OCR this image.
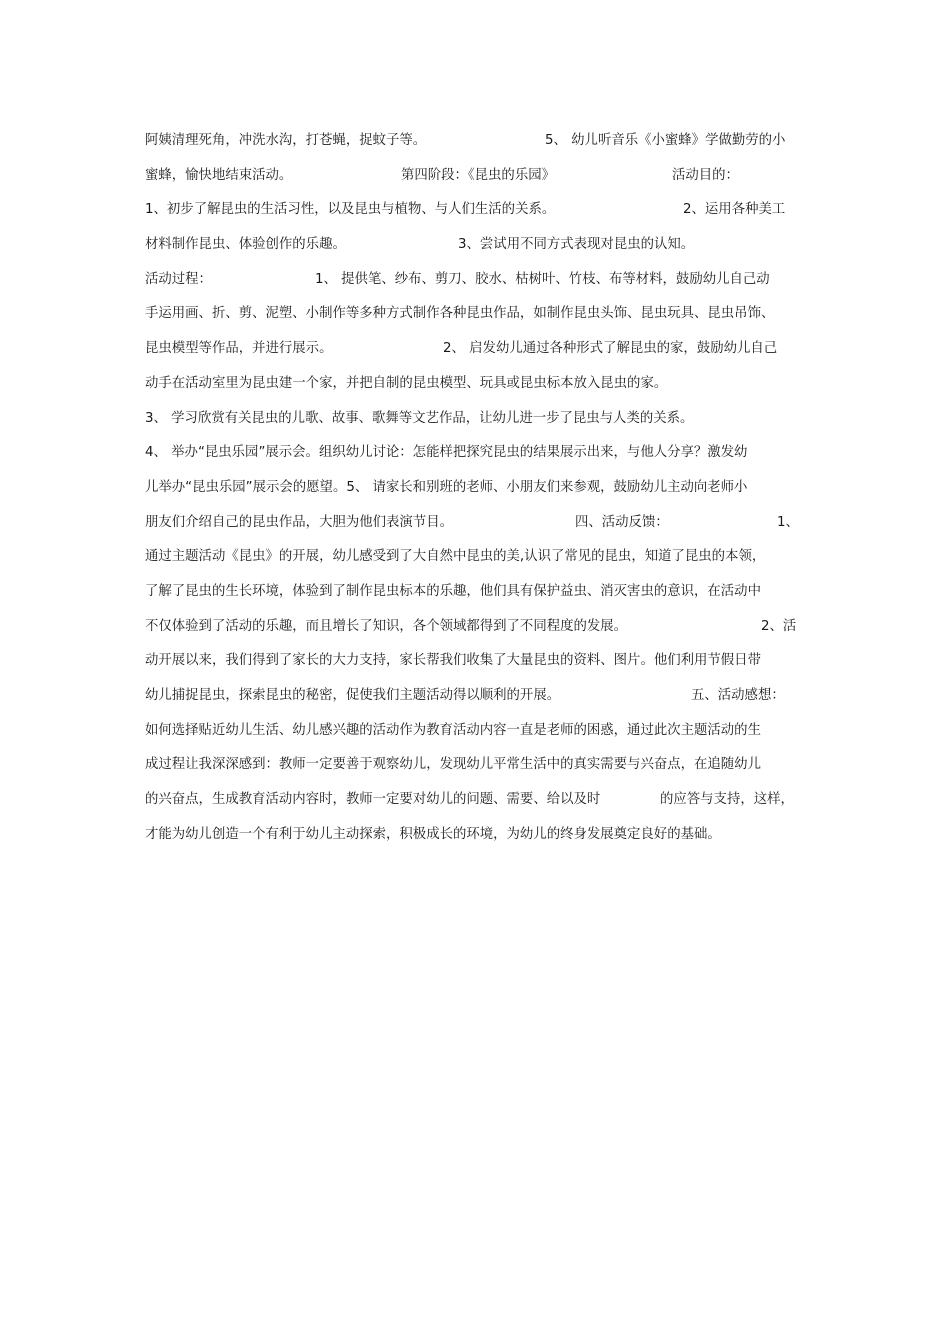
阿姨清理死角，冲洗水沟，打苍蝇，捉蚊子等。	5、 幼儿听音乐《小蜜蜂》学做勤劳的小
蜜蜂，愉快地结束活动。	第四阶段：《昆虫的乐园》	活动目的：
1、初步了解昆虫的生活习性，以及昆虫与植物、与人们生活的关系。	2、运用各种美工
材料制作昆虫、体验创作的乐趣。	3、尝试用不同方式表现对昆虫的认知。
活动过程：	1、 提供笔、纱布、剪刀、胶水、枯树叶、竹枝、布等材料，鼓励幼儿自己动
手运用画、折、剪、泥塑、小制作等多种方式制作各种昆虫作品，如制作昆虫头饰、昆虫玩具、昆虫吊饰、
昆虫模型等作品，并进行展示。	2、 启发幼儿通过各种形式了解昆虫的家，鼓励幼儿自己
动手在活动室里为昆虫建一个家，并把自制的昆虫模型、玩具或昆虫标本放入昆虫的家。
3、 学习欣赏有关昆虫的儿歌、故事、歌舞等文艺作品，让幼儿进一步了昆虫与人类的关系。
4、 举办“昆虫乐园”展示会。组织幼儿讨论：怎能样把探究昆虫的结果展示出来，与他人分享？激发幼
儿举办“昆虫乐园”展示会的愿望。5、 请家长和别班的老师、小朋友们来参观，鼓励幼儿主动向老师小
朋友们介绍自己的昆虫作品，大胆为他们表演节目。	四、活动反馈：	1、
通过主题活动《昆虫》的开展，幼儿感受到了大自然中昆虫的美,认识了常见的昆虫，知道了昆虫的本领，
了解了昆虫的生长环境，体验到了制作昆虫标本的乐趣，他们具有保护益虫、消灭害虫的意识，在活动中
不仅体验到了活动的乐趣，而且增长了知识，各个领域都得到了不同程度的发展。	2、活
动开展以来，我们得到了家长的大力支持，家长帮我们收集了大量昆虫的资料、图片。他们利用节假日带
幼儿捕捉昆虫，探索昆虫的秘密，促使我们主题活动得以顺利的开展。	五、活动感想：
如何选择贴近幼儿生活、幼儿感兴趣的活动作为教育活动内容一直是老师的困惑，通过此次主题活动的生
成过程让我深深感到：教师一定要善于观察幼儿，发现幼儿平常生活中的真实需要与兴奋点，在追随幼儿
的兴奋点，生成教育活动内容时，教师一定要对幼儿的问题、需要、给以及时	的应答与支持，这样，
才能为幼儿创造一个有利于幼儿主动探索，积极成长的环境，为幼儿的终身发展奠定良好的基础。
